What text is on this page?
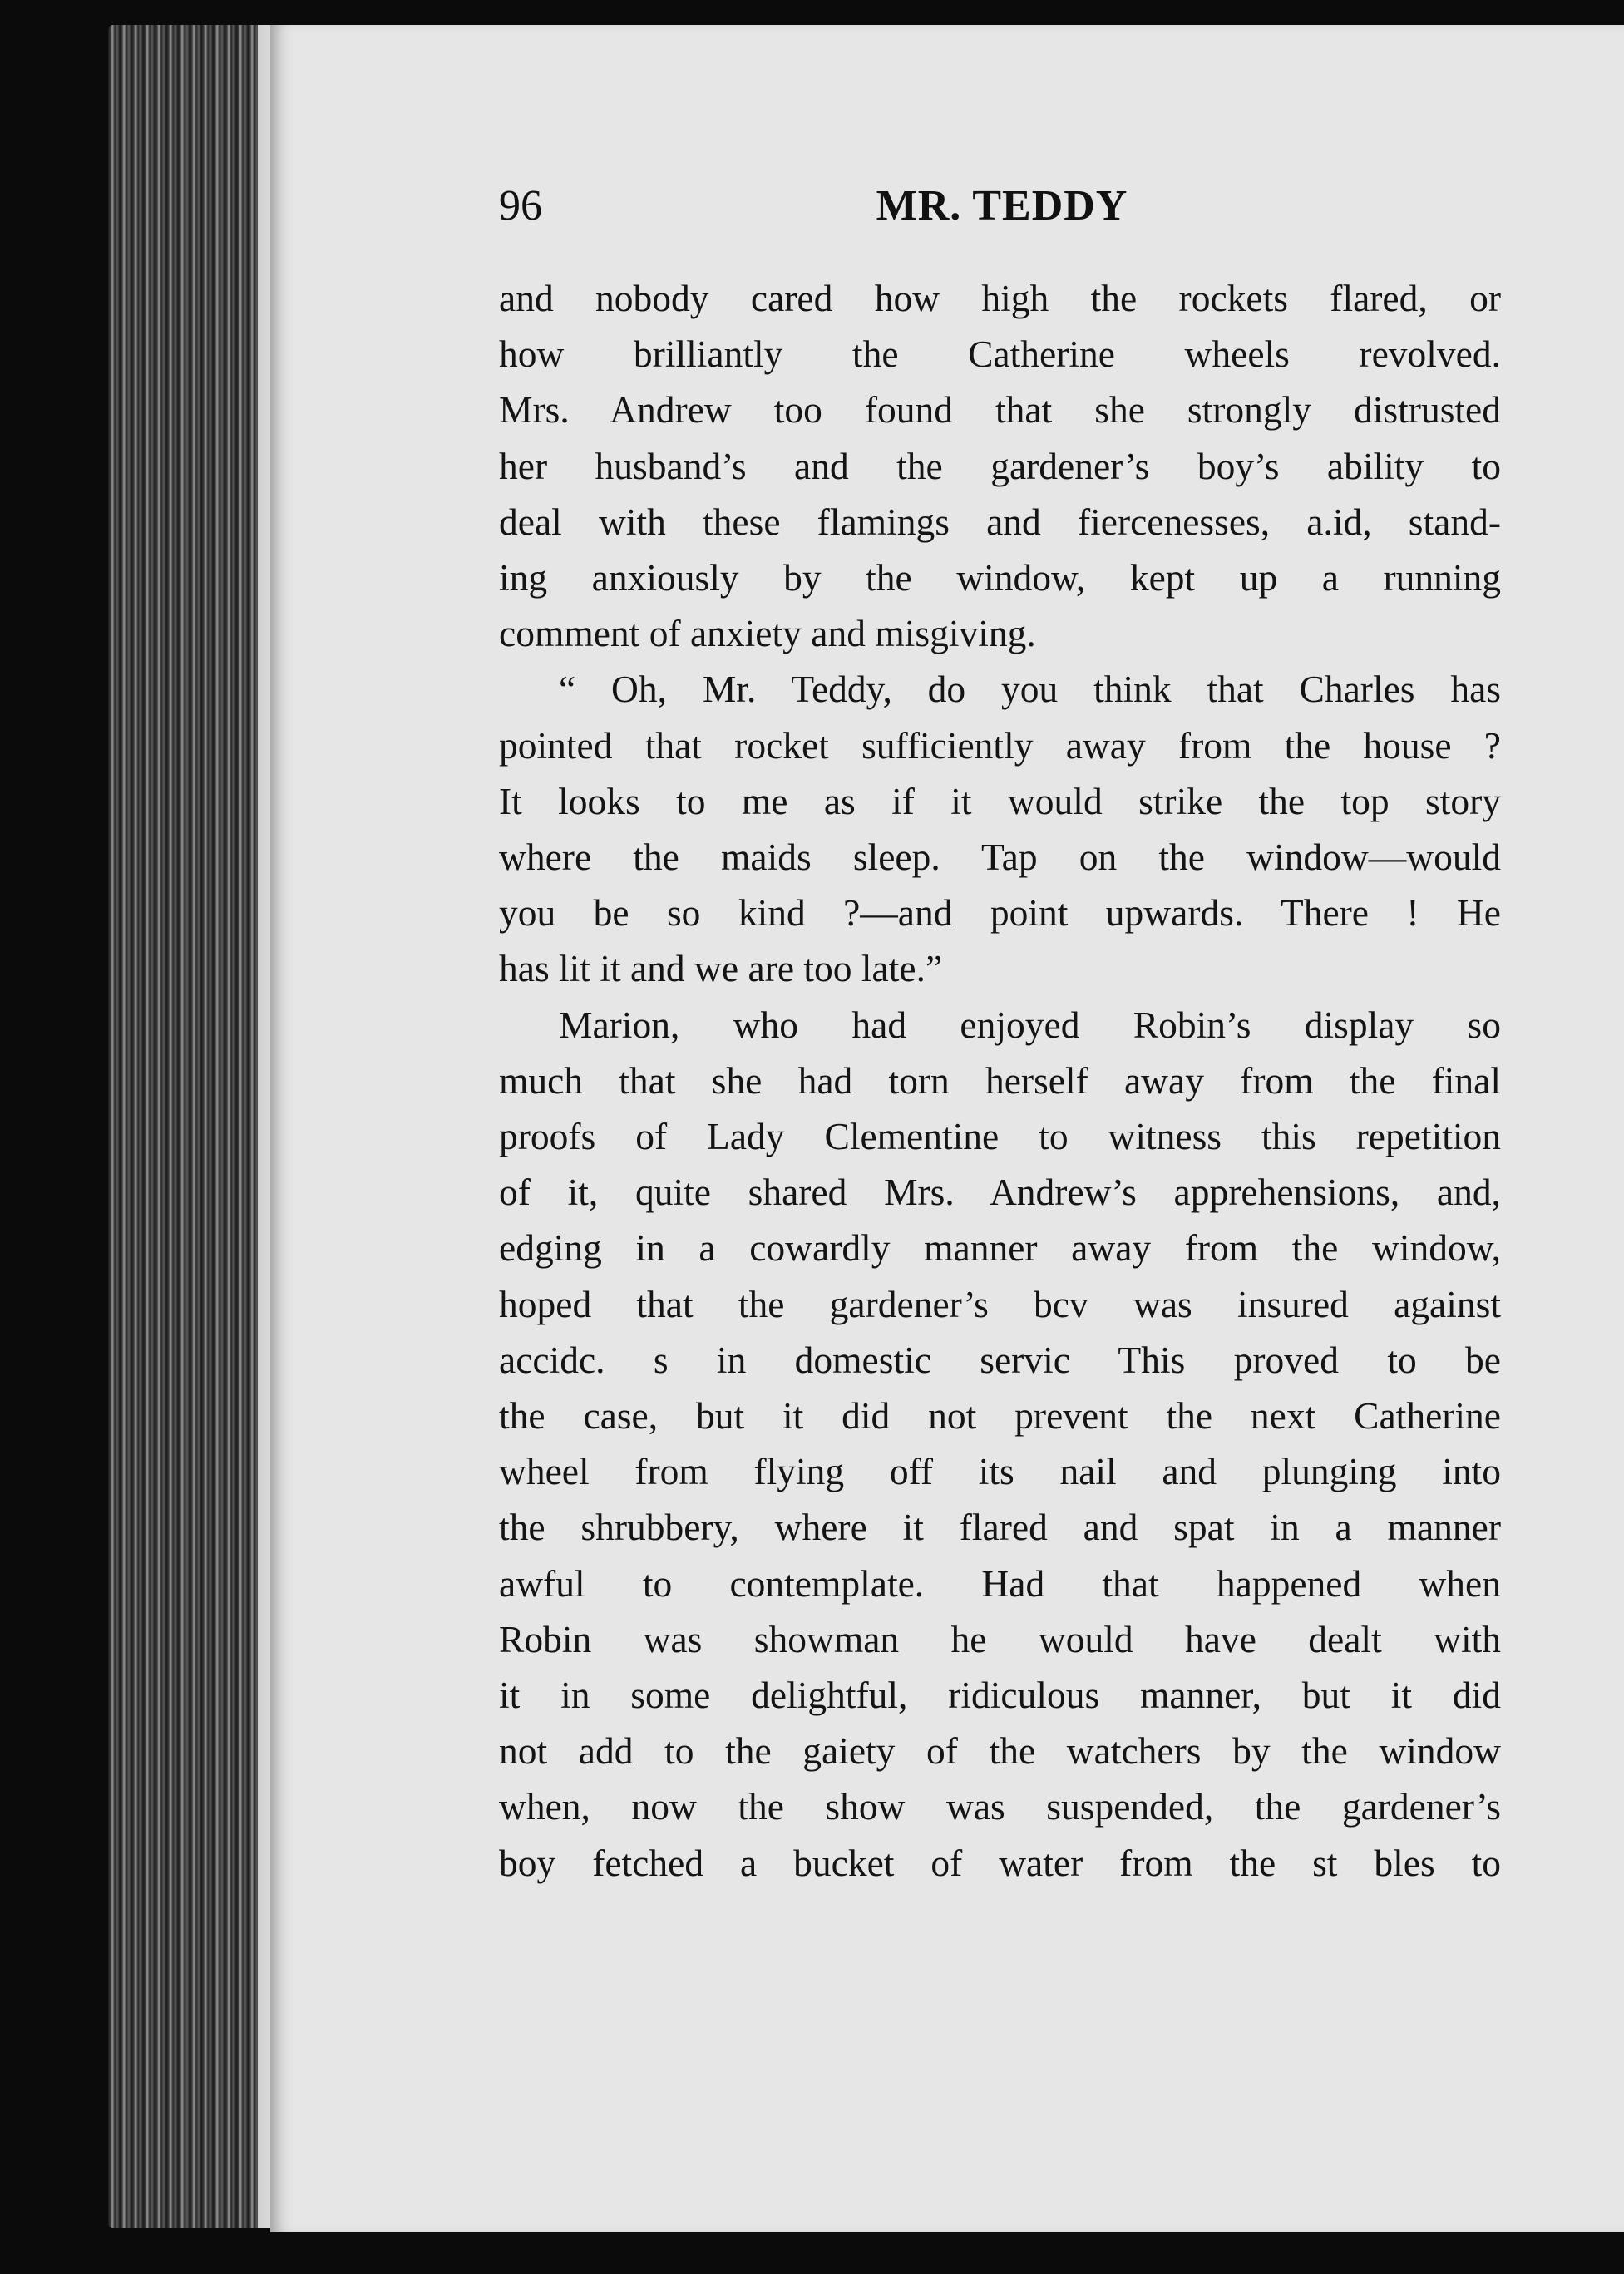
96	MR. TEDDY
and nobody cared how high the rockets flared, or
how brilliantly the Catherine wheels revolved.
Mrs. Andrew too found that she strongly distrusted
her husband’s and the gardener’s boy’s ability to
deal with these flamings and fiercenesses, a.id, stand-
ing anxiously by the window, kept up a running
comment of anxiety and misgiving.
“ Oh, Mr. Teddy, do you think that Charles has
pointed that rocket sufficiently away from the house ?
It looks to me as if it would strike the top story
where the maids sleep. Tap on the window—would
you be so kind ?—and point upwards. There ! He
has lit it and we are too late.”
Marion, who had enjoyed Robin’s display so
much that she had torn herself away from the final
proofs of Lady Clementine to witness this repetition
of it, quite shared Mrs. Andrew’s apprehensions, and,
edging in a cowardly manner away from the window,
hoped that the gardener’s bcv was insured against
accidc. s in domestic servic This proved to be
the case, but it did not prevent the next Catherine
wheel from flying off its nail and plunging into
the shrubbery, where it flared and spat in a manner
awful to contemplate. Had that happened when
Robin was showman he would have dealt with
it in some delightful, ridiculous manner, but it did
not add to the gaiety of the watchers by the window
when, now the show was suspended, the gardener’s
boy fetched a bucket of water from the st bles to
